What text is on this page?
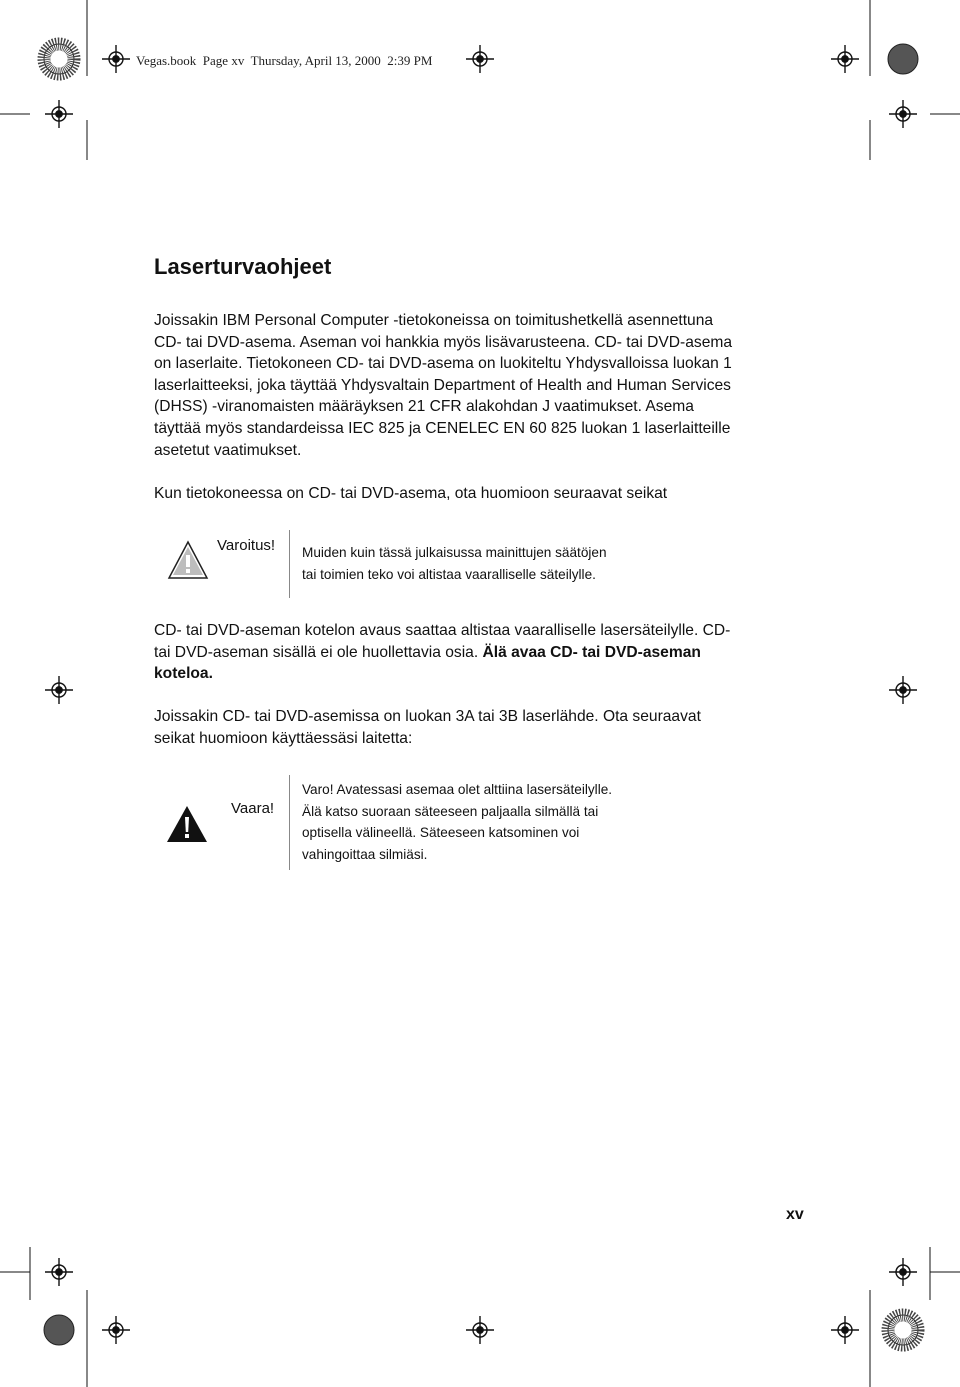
Vegas.book  Page xv  Thursday, April 13, 2000  2:39 PM
Laserturvaohjeet
Joissakin IBM Personal Computer -tietokoneissa on toimitushetkellä asennettuna
CD- tai DVD-asema. Aseman voi hankkia myös lisävarusteena. CD- tai DVD-asema
on laserlaite. Tietokoneen CD- tai DVD-asema on luokiteltu Yhdysvalloissa luokan 1
laserlaitteeksi, joka täyttää Yhdysvaltain Department of Health and Human Services
(DHSS) -viranomaisten määräyksen 21 CFR alakohdan J vaatimukset. Asema
täyttää myös standardeissa IEC 825 ja CENELEC EN 60 825 luokan 1 laserlaitteille
asetetut vaatimukset.
Kun tietokoneessa on CD- tai DVD-asema, ota huomioon seuraavat seikat
Varoitus! Muiden kuin tässä julkaisussa mainittujen säätöjen
tai toimien teko voi altistaa vaaralliselle säteilylle.
CD- tai DVD-aseman kotelon avaus saattaa altistaa vaaralliselle lasersäteilylle. CD-
tai DVD-aseman sisällä ei ole huollettavia osia. Älä avaa CD- tai DVD-aseman
koteloa.
Joissakin CD- tai DVD-asemissa on luokan 3A tai 3B laserlähde. Ota seuraavat
seikat huomioon käyttäessäsi laitetta:
Vaara!
Varo! Avatessasi asemaa olet alttiina lasersäteilylle.
Älä katso suoraan säteeseen paljaalla silmällä tai
optisella välineellä. Säteeseen katsominen voi
vahingoittaa silmiäsi.
xv
